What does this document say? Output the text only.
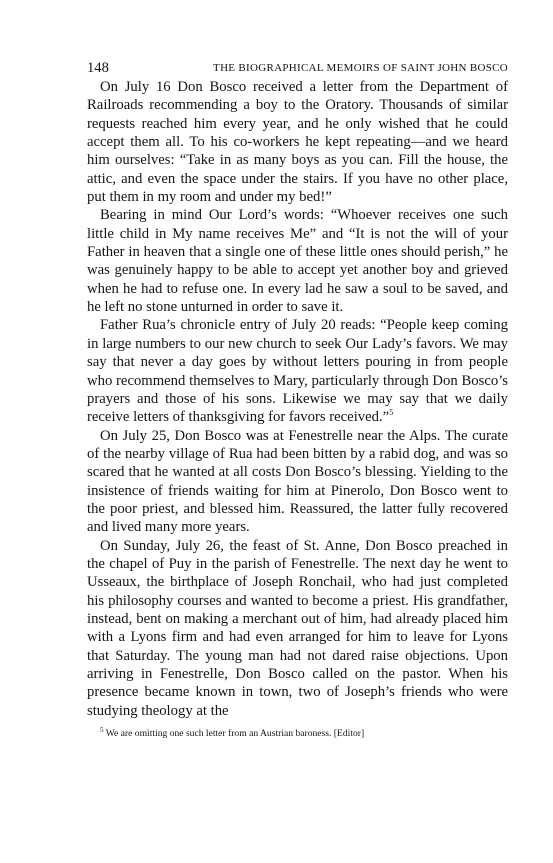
148	THE BIOGRAPHICAL MEMOIRS OF SAINT JOHN BOSCO

On July 16 Don Bosco received a letter from the Department of Railroads recommending a boy to the Oratory. Thousands of similar requests reached him every year, and he only wished that he could accept them all. To his co-workers he kept repeating—and we heard him ourselves: “Take in as many boys as you can. Fill the house, the attic, and even the space under the stairs. If you have no other place, put them in my room and under my bed!”

Bearing in mind Our Lord’s words: “Whoever receives one such little child in My name receives Me” and “It is not the will of your Father in heaven that a single one of these little ones should perish,” he was genuinely happy to be able to accept yet another boy and grieved when he had to refuse one. In every lad he saw a soul to be saved, and he left no stone unturned in order to save it.

Father Rua’s chronicle entry of July 20 reads: “People keep coming in large numbers to our new church to seek Our Lady’s favors. We may say that never a day goes by without letters pouring in from people who recommend themselves to Mary, particularly through Don Bosco’s prayers and those of his sons. Likewise we may say that we daily receive letters of thanksgiving for favors received.”$^5$

On July 25, Don Bosco was at Fenestrelle near the Alps. The curate of the nearby village of Rua had been bitten by a rabid dog, and was so scared that he wanted at all costs Don Bosco’s blessing. Yielding to the insistence of friends waiting for him at Pinerolo, Don Bosco went to the poor priest, and blessed him. Reassured, the latter fully recovered and lived many more years.

On Sunday, July 26, the feast of St. Anne, Don Bosco preached in the chapel of Puy in the parish of Fenestrelle. The next day he went to Usseaux, the birthplace of Joseph Ronchail, who had just completed his philosophy courses and wanted to become a priest. His grandfather, instead, bent on making a merchant out of him, had already placed him with a Lyons firm and had even arranged for him to leave for Lyons that Saturday. The young man had not dared raise objections. Upon arriving in Fenestrelle, Don Bosco called on the pastor. When his presence became known in town, two of Joseph’s friends who were studying theology at the

$^5$ We are omitting one such letter from an Austrian baroness. [Editor]
